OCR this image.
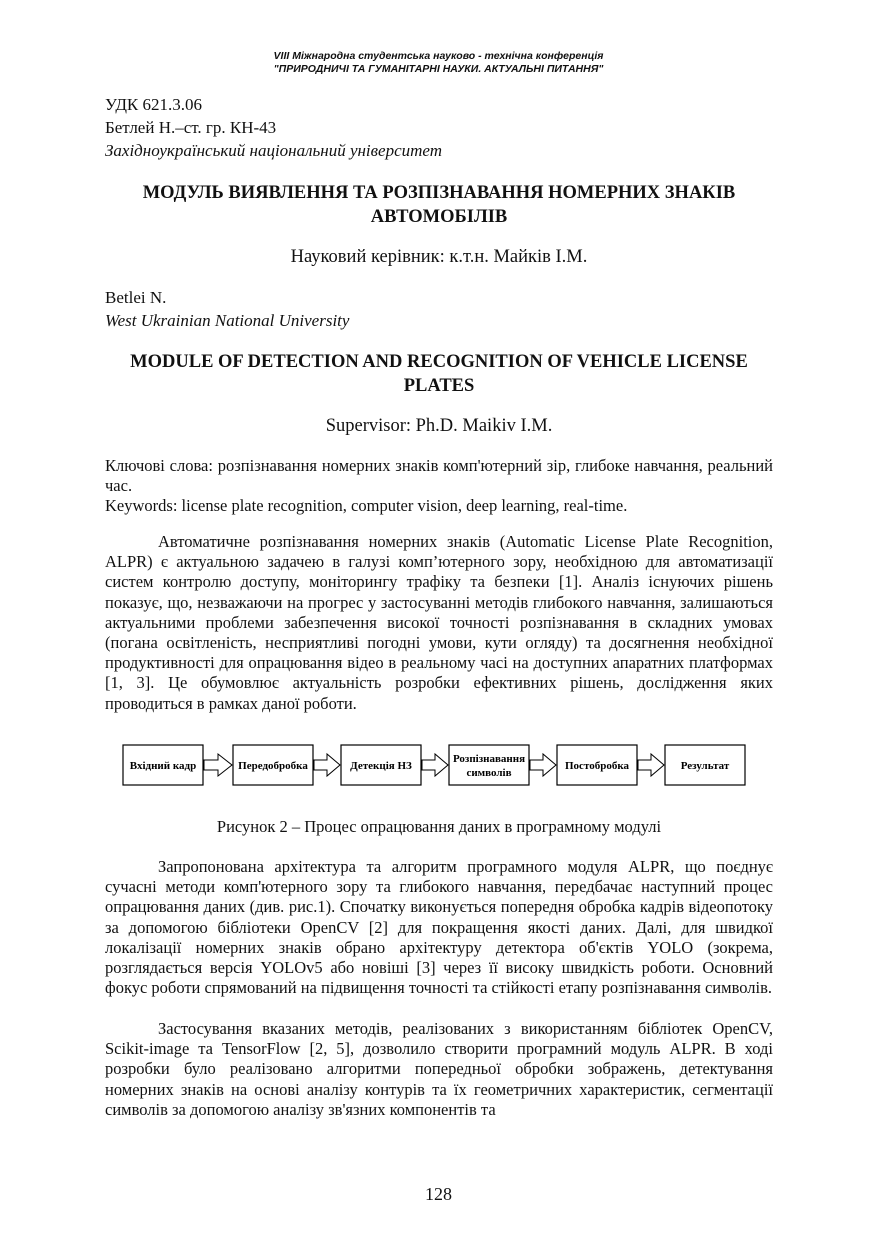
VIII Міжнародна студентська науково - технічна конференція
"ПРИРОДНИЧІ ТА ГУМАНІТАРНІ НАУКИ. АКТУАЛЬНІ ПИТАННЯ"
УДК 621.3.06
Бетлей Н.–ст. гр. КН-43
Західноукраїнський національний університет
МОДУЛЬ ВИЯВЛЕННЯ ТА РОЗПІЗНАВАННЯ НОМЕРНИХ ЗНАКІВ АВТОМОБІЛІВ
Науковий керівник: к.т.н. Майків І.М.
Betlei N.
West Ukrainian National University
MODULE OF DETECTION AND RECOGNITION OF VEHICLE LICENSE PLATES
Supervisor: Ph.D. Maikiv I.M.
Ключові слова: розпізнавання номерних знаків комп'ютерний зір, глибоке навчання, реальний час.
Keywords: license plate recognition, computer vision, deep learning, real-time.
Автоматичне розпізнавання номерних знаків (Automatic License Plate Recognition, ALPR) є актуальною задачею в галузі комп’ютерного зору, необхідною для автоматизації систем контролю доступу, моніторингу трафіку та безпеки [1]. Аналіз існуючих рішень показує, що, незважаючи на прогрес у застосуванні методів глибокого навчання, залишаються актуальними проблеми забезпечення високої точності розпізнавання в складних умовах (погана освітленість, несприятливі погодні умови, кути огляду) та досягнення необхідної продуктивності для опрацювання відео в реальному часі на доступних апаратних платформах [1, 3]. Це обумовлює актуальність розробки ефективних рішень, дослідження яких проводиться в рамках даної роботи.
Вхідний кадр	Передобробка	Детекція НЗ
Розпізнавання
символів
Постобробка	Результат
Рисунок 2 – Процес опрацювання даних в програмному модулі
Запропонована архітектура та алгоритм програмного модуля ALPR, що поєднує сучасні методи комп'ютерного зору та глибокого навчання, передбачає наступний процес опрацювання даних (див. рис.1). Спочатку виконується попередня обробка кадрів відеопотоку за допомогою бібліотеки OpenCV [2] для покращення якості даних. Далі, для швидкої локалізації номерних знаків обрано архітектуру детектора об'єктів YOLO (зокрема, розглядається версія YOLOv5 або новіші [3] через її високу швидкість роботи. Основний фокус роботи спрямований на підвищення точності та стійкості етапу розпізнавання символів.
Застосування вказаних методів, реалізованих з використанням бібліотек OpenCV, Scikit-image та TensorFlow [2, 5], дозволило створити програмний модуль ALPR. В ході розробки було реалізовано алгоритми попередньої обробки зображень, детектування номерних знаків на основі аналізу контурів та їх геометричних характеристик, сегментації символів за допомогою аналізу зв'язних компонентів та
128
